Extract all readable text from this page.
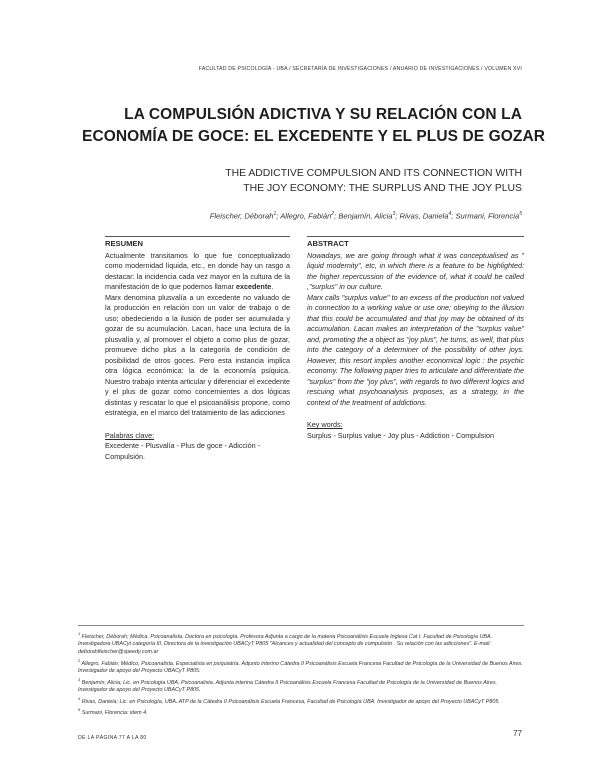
FACULTAD DE PSICOLOGÍA - UBA / SECRETARÍA DE INVESTIGACIONES / ANUARIO DE INVESTIGACIONES / VOLUMEN XVI
LA COMPULSIÓN ADICTIVA Y SU RELACIÓN CON LA
ECONOMÍA DE GOCE: EL EXCEDENTE Y EL PLUS DE GOZAR
THE ADDICTIVE COMPULSION AND ITS CONNECTION WITH
THE JOY ECONOMY: THE SURPLUS AND THE JOY PLUS
Fleischer, Déborah$^1$; Allegro, Fabián$^2$; Benjamín, Alicia$^3$; Rivas, Daniela$^4$; Surmani, Florencia$^5$
RESUMEN

Actualmente transitamos lo que fue conceptualizado como modernidad líquida, etc., en donde hay un rasgo a destacar: la incidencia cada vez mayor en la cultura de la manifestación de lo que podemos llamar excedente.

Marx denomina plusvalía a un excedente no valuado de la producción en relación con un valor de trabajo o de uso; obedeciendo a la ilusión de poder ser acumulada y gozar de su acumulación. Lacan, hace una lectura de la plusvalía y, al promover el objeto a como plus de gozar, promueve dicho plus a la categoría de condición de posibilidad de otros goces. Pero esta instancia implica otra lógica económica: la de la economía psíquica. Nuestro trabajo intenta articular y diferenciar el excedente y el plus de gozar como concernientes a dos lógicas distintas y rescatar lo que el psicoanálisis propone, como estrategia, en el marco del tratamiento de las adicciones

Palabras clave:
Excedente - Plusvalía - Plus de goce - Adicción - Compulsión.
ABSTRACT

Nowadays, we are going through what it was conceptualised as " liquid modernity", etc, in which there is a feature to be highlighted: the higher repercussion of the evidence of, what it could be called ,"surplus" in our culture.

Marx calls "surplus value" to an excess of the production not valued in connection to a working value or use one; obeying to the illusion that this could be accumulated and that joy may be obtained of its accumulation. Lacan makes an interpretation of the "surplus value" and, promoting the a object as "joy plus", he turns, as well, that plus into the category of a determiner of the possibility of other joys. However, this resort implies another economical logic : the psychic economy. The following paper tries to articulate and differentiate the "surplus" from the "joy plus", with regards to two different logics and rescuing what psychoanalysis proposes, as a strategy, in the context of the treatment of addictions.

Key words:
Surplus - Surplus value - Joy plus - Addiction - Compulsion

$^1$ Fleischer, Déborah; Médica. Psicoanalista. Doctora en psicología. Profesora Adjunta a cargo de la materia Psicoanálisis Escuela Inglesa Cat I. Facultad de Psicología UBA. Investigadora UBACyt categoría III. Directora de la investigación UBACyT P805 "Alcances y actualidad del concepto de compulsión . Su relación con las adicciones". E-mail: deborahfleischer@speedy.com.ar

$^2$ Allegro, Fabián; Médico, Psicoanalista. Especialista en psiquiatría. Adjunto interino Cátedra II Psicoanálisis Escuela Francesa Facultad de Psicología de la Universidad de Buenos Aires. Investigador de apoyo del Proyecto UBACyT P805.

$^3$ Benjamín, Alicia; Lic. en Psicología UBA. Psicoanalista. Adjunta interina Cátedra II Psicoanálisis Escuela Francesa Facultad de Psicología de la Universidad de Buenos Aires. Investigador de apoyo del Proyecto UBACyT P805.

$^4$ Rivas, Daniela; Lic. en Psicología, UBA. ATP de la Cátedra II Psicoanálisis Escuela Francesa, Facultad de Psicología UBA. Investigador de apoyo del Proyecto UBACyT P805.

$^5$ Surmani, Florencia: idem 4.

DE LA PÁGINA 77 A LA 80	77
